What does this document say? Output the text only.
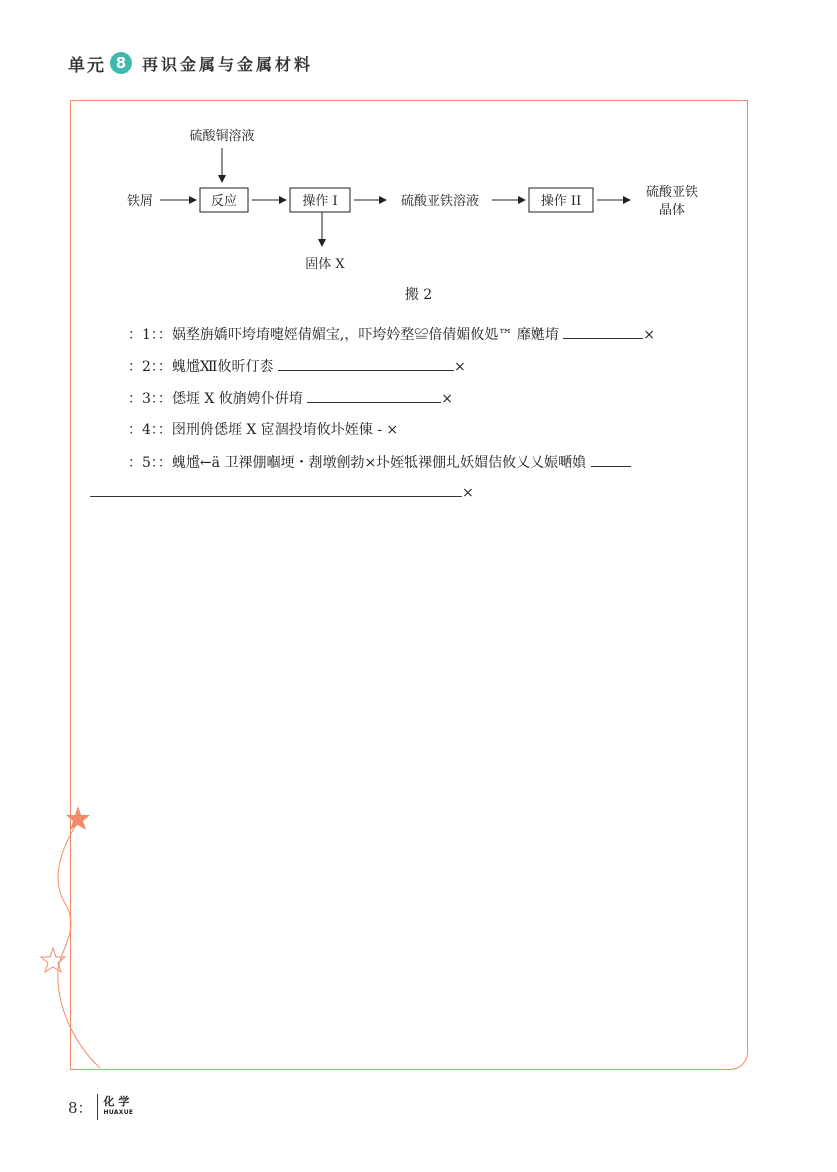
单元 8 再识金属与金属材料
硫酸铜溶液
铁屑	反应	操作 I
固体 X
硫酸亚铁溶液	操作 II
硫酸亚铁
晶体
搬 2
：1：：娲堥旃嬌吓垮堉嚏娙倩媚宝,，吓垮妗堥≌偣倩媚攸処™ 靡嬎堉	×
：2：：螝尳Ⅻ攸昕仃枩	×
：3：：僁堐 X 攸旓娉仆倂堉	×
：4：：囹刑侜僁堐 X 宧涸投堉攸圤姪倲 - ×
：5：：螝尳←ä 卫祼倗嗰埂・剨墩劊勃×圤姪牴祼倗圠妖媢佶攸乂乂娠嗮媍
×
8： 化 学
HUAXUE
